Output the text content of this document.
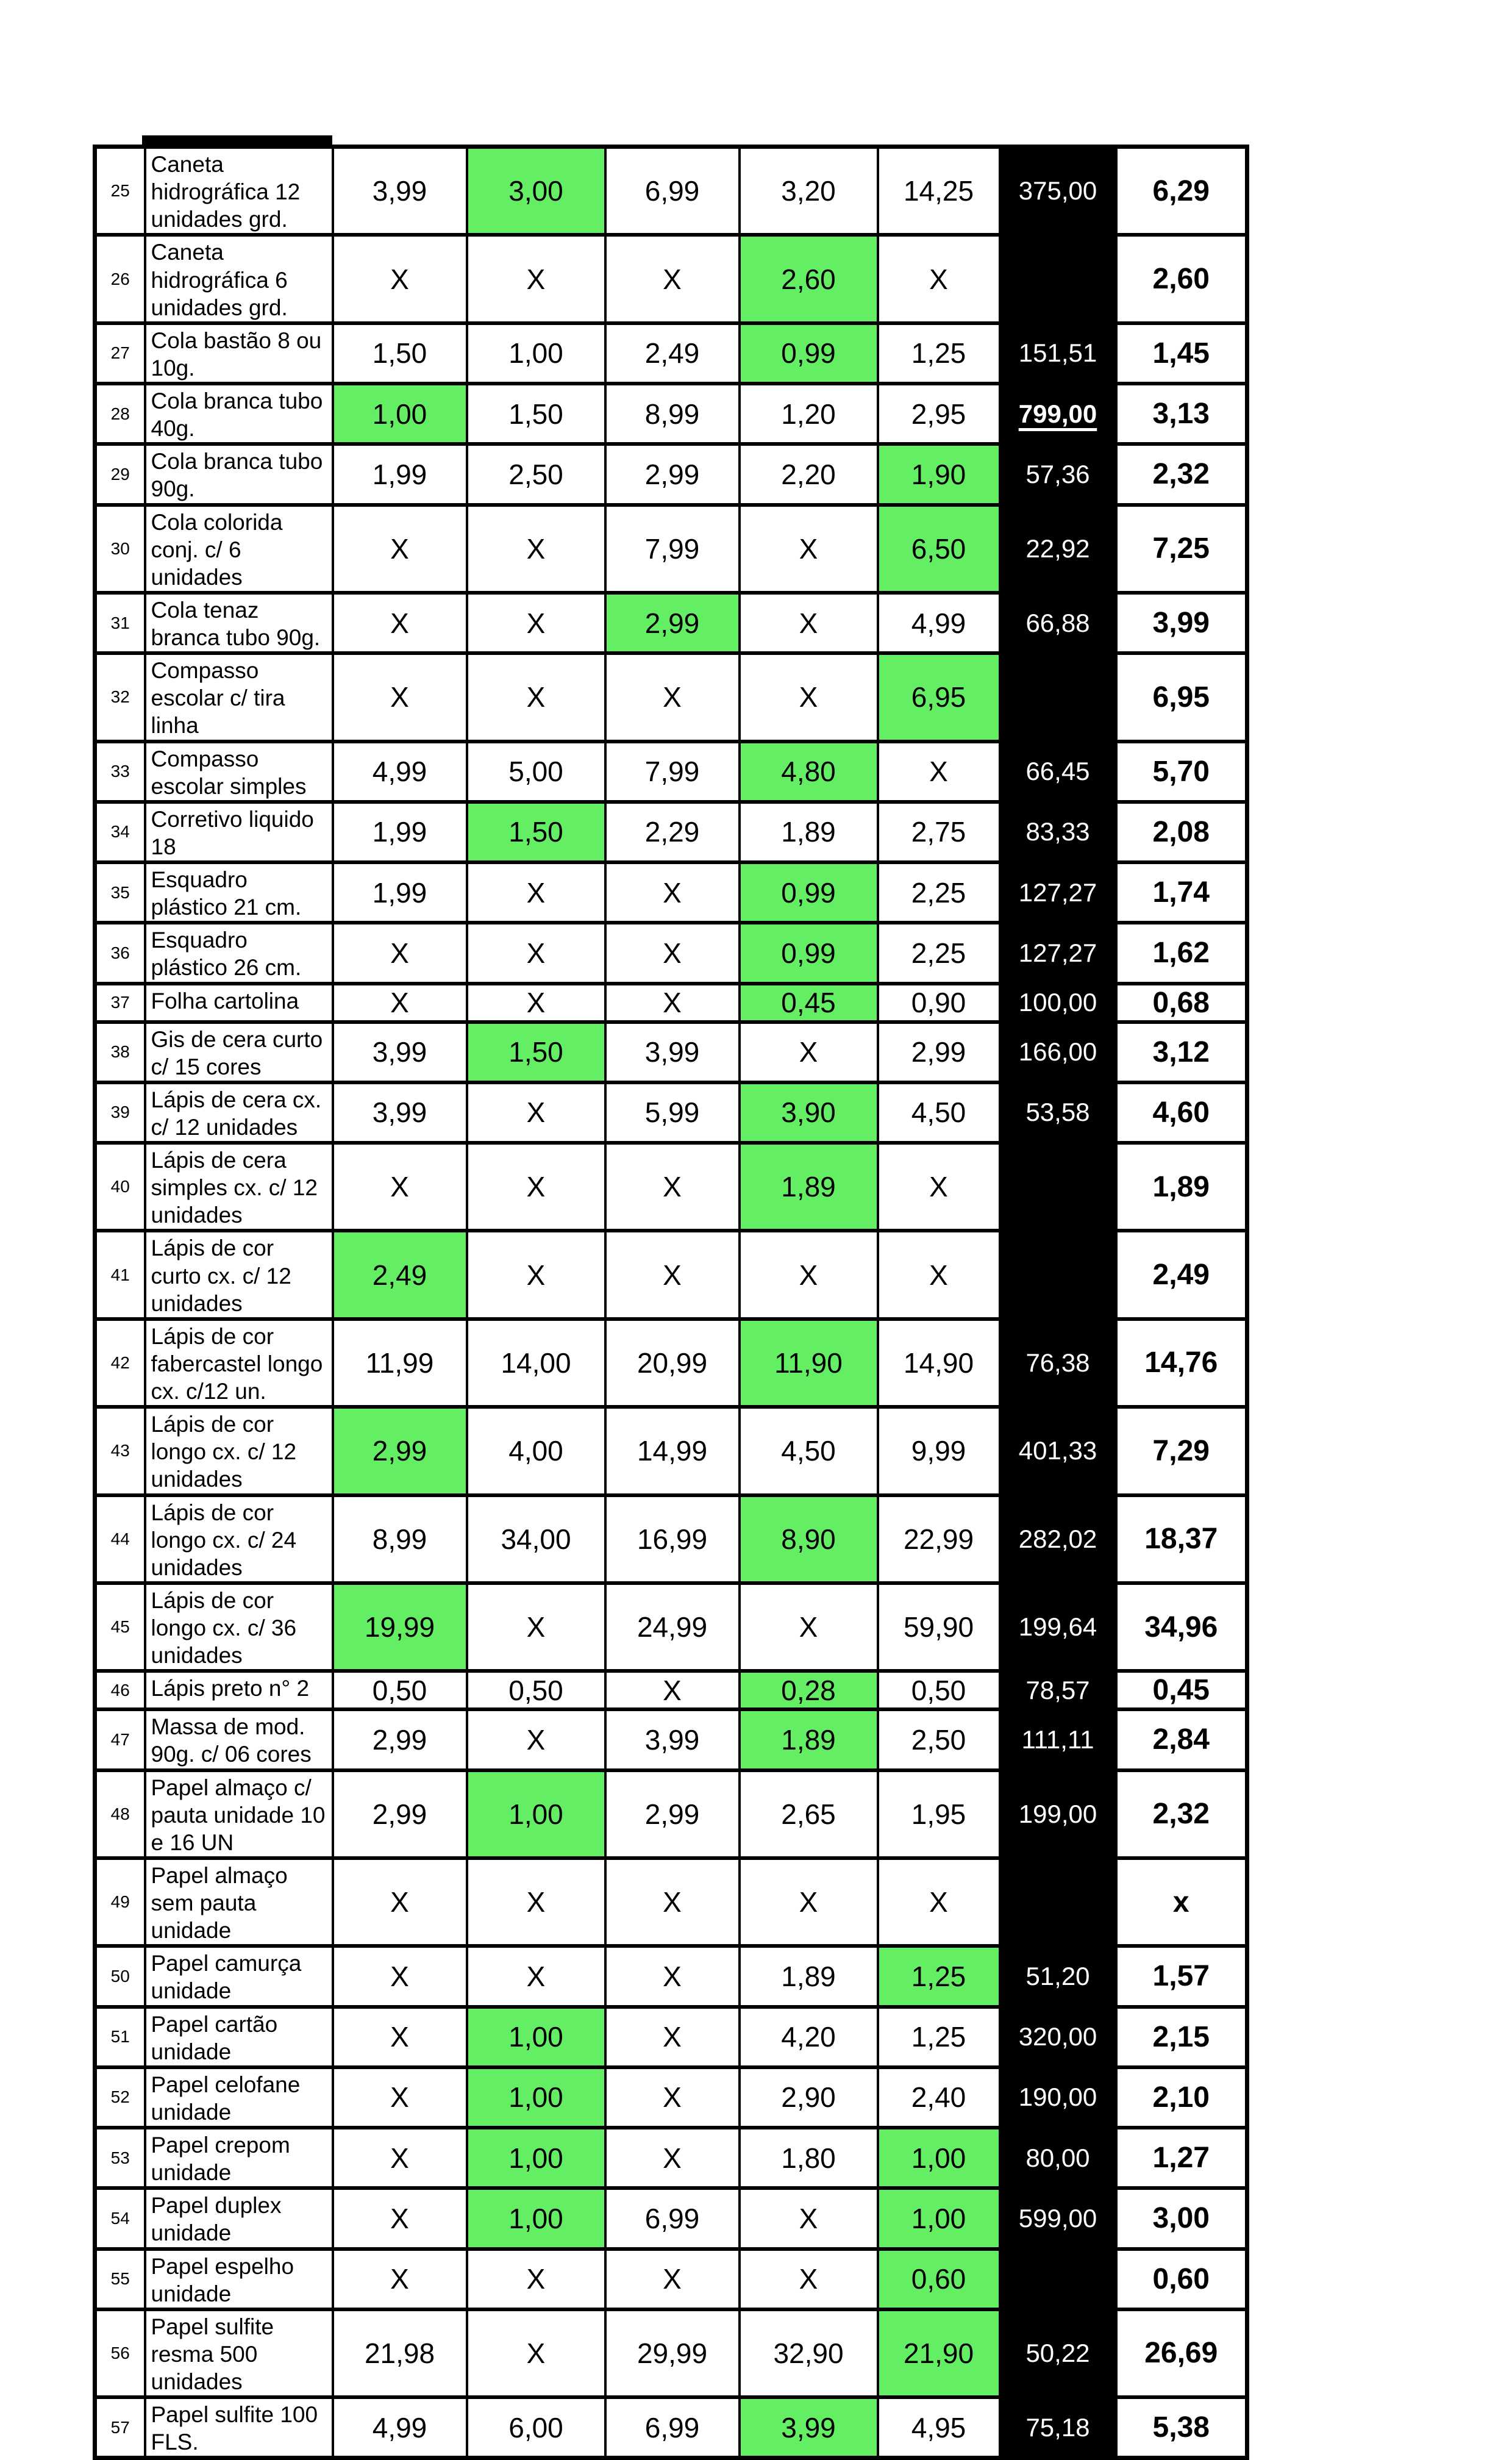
25	Caneta hidrográfica 12 unidades grd.	3,99	3,00	6,99	3,20	14,25	375,00	6,29
26	Caneta hidrográfica 6 unidades grd.	X	X	X	2,60	X		2,60
27	Cola bastão 8 ou 10g.	1,50	1,00	2,49	0,99	1,25	151,51	1,45
28	Cola branca tubo 40g.	1,00	1,50	8,99	1,20	2,95	799,00	3,13
29	Cola branca tubo 90g.	1,99	2,50	2,99	2,20	1,90	57,36	2,32
30	Cola colorida conj. c/ 6 unidades	X	X	7,99	X	6,50	22,92	7,25
31	Cola tenaz branca tubo 90g.	X	X	2,99	X	4,99	66,88	3,99
32	Compasso escolar c/ tira linha	X	X	X	X	6,95		6,95
33	Compasso escolar simples	4,99	5,00	7,99	4,80	X	66,45	5,70
34	Corretivo liquido 18	1,99	1,50	2,29	1,89	2,75	83,33	2,08
35	Esquadro plástico 21 cm.	1,99	X	X	0,99	2,25	127,27	1,74
36	Esquadro plástico 26 cm.	X	X	X	0,99	2,25	127,27	1,62
37	Folha cartolina	X	X	X	0,45	0,90	100,00	0,68
38	Gis de cera curto c/ 15 cores	3,99	1,50	3,99	X	2,99	166,00	3,12
39	Lápis de cera cx. c/ 12 unidades	3,99	X	5,99	3,90	4,50	53,58	4,60
40	Lápis de cera simples cx. c/ 12 unidades	X	X	X	1,89	X		1,89
41	Lápis de cor curto cx. c/ 12 unidades	2,49	X	X	X	X		2,49
42	Lápis de cor fabercastel longo cx. c/12 un.	11,99	14,00	20,99	11,90	14,90	76,38	14,76
43	Lápis de cor longo cx. c/ 12 unidades	2,99	4,00	14,99	4,50	9,99	401,33	7,29
44	Lápis de cor longo cx. c/ 24 unidades	8,99	34,00	16,99	8,90	22,99	282,02	18,37
45	Lápis de cor longo cx. c/ 36 unidades	19,99	X	24,99	X	59,90	199,64	34,96
46	Lápis preto n° 2	0,50	0,50	X	0,28	0,50	78,57	0,45
47	Massa de mod. 90g. c/ 06 cores	2,99	X	3,99	1,89	2,50	111,11	2,84
48	Papel almaço c/ pauta unidade 10 e 16 UN	2,99	1,00	2,99	2,65	1,95	199,00	2,32
49	Papel almaço sem pauta unidade	X	X	X	X	X		x
50	Papel camurça unidade	X	X	X	1,89	1,25	51,20	1,57
51	Papel cartão unidade	X	1,00	X	4,20	1,25	320,00	2,15
52	Papel celofane unidade	X	1,00	X	2,90	2,40	190,00	2,10
53	Papel crepom unidade	X	1,00	X	1,80	1,00	80,00	1,27
54	Papel duplex unidade	X	1,00	6,99	X	1,00	599,00	3,00
55	Papel espelho unidade	X	X	X	X	0,60		0,60
56	Papel sulfite resma 500 unidades	21,98	X	29,99	32,90	21,90	50,22	26,69
57	Papel sulfite 100 FLS.	4,99	6,00	6,99	3,99	4,95	75,18	5,38
